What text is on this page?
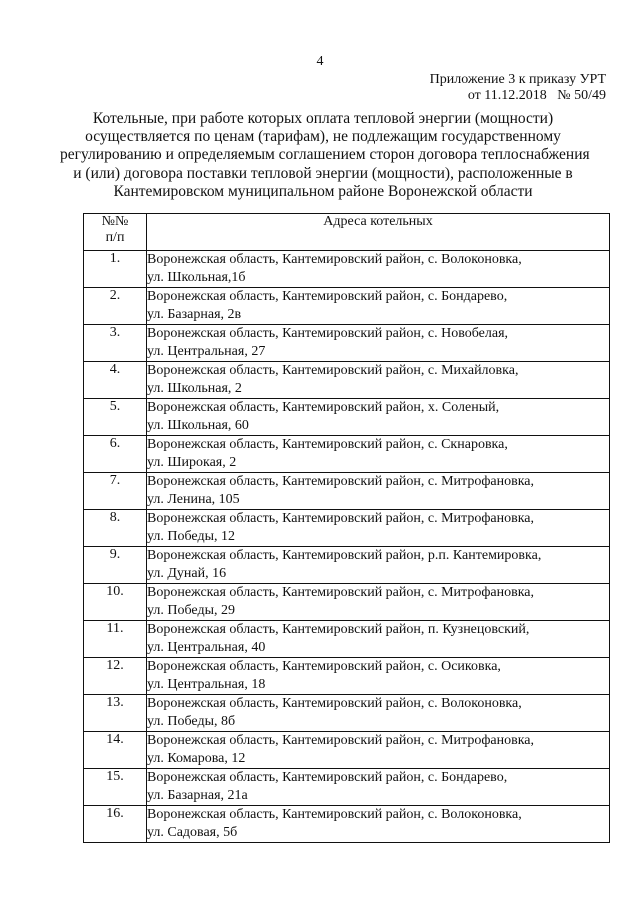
4
Приложение 3 к приказу УРТ
от 11.12.2018   № 50/49
Котельные, при работе которых оплата тепловой энергии (мощности)
осуществляется по ценам (тарифам), не подлежащим государственному
регулированию и определяемым соглашением сторон договора теплоснабжения
и (или) договора поставки тепловой энергии (мощности), расположенные в
Кантемировском муниципальном районе Воронежской области
№№
п/п	Адреса котельных
1.	Воронежская область, Кантемировский район, с. Волоконовка,
ул. Школьная,1б

2.	Воронежская область, Кантемировский район, с. Бондарево,
ул. Базарная, 2в

3.	Воронежская область, Кантемировский район, с. Новобелая,
ул. Центральная, 27

4.	Воронежская область, Кантемировский район, с. Михайловка,
ул. Школьная, 2

5.	Воронежская область, Кантемировский район, х. Соленый,
ул. Школьная, 60

6.	Воронежская область, Кантемировский район, с. Скнаровка,
ул. Широкая, 2

7.	Воронежская область, Кантемировский район, с. Митрофановка,
ул. Ленина, 105

8.	Воронежская область, Кантемировский район, с. Митрофановка,
ул. Победы, 12

9.	Воронежская область, Кантемировский район, р.п. Кантемировка,
ул. Дунай, 16

10.	Воронежская область, Кантемировский район, с. Митрофановка,
ул. Победы, 29

11.	Воронежская область, Кантемировский район, п. Кузнецовский,
ул. Центральная, 40

12.	Воронежская область, Кантемировский район, с. Осиковка,
ул. Центральная, 18

13.	Воронежская область, Кантемировский район, с. Волоконовка,
ул. Победы, 8б

14.	Воронежская область, Кантемировский район, с. Митрофановка,
ул. Комарова, 12

15.	Воронежская область, Кантемировский район, с. Бондарево,
ул. Базарная, 21а

16.	Воронежская область, Кантемировский район, с. Волоконовка,
ул. Садовая, 5б
